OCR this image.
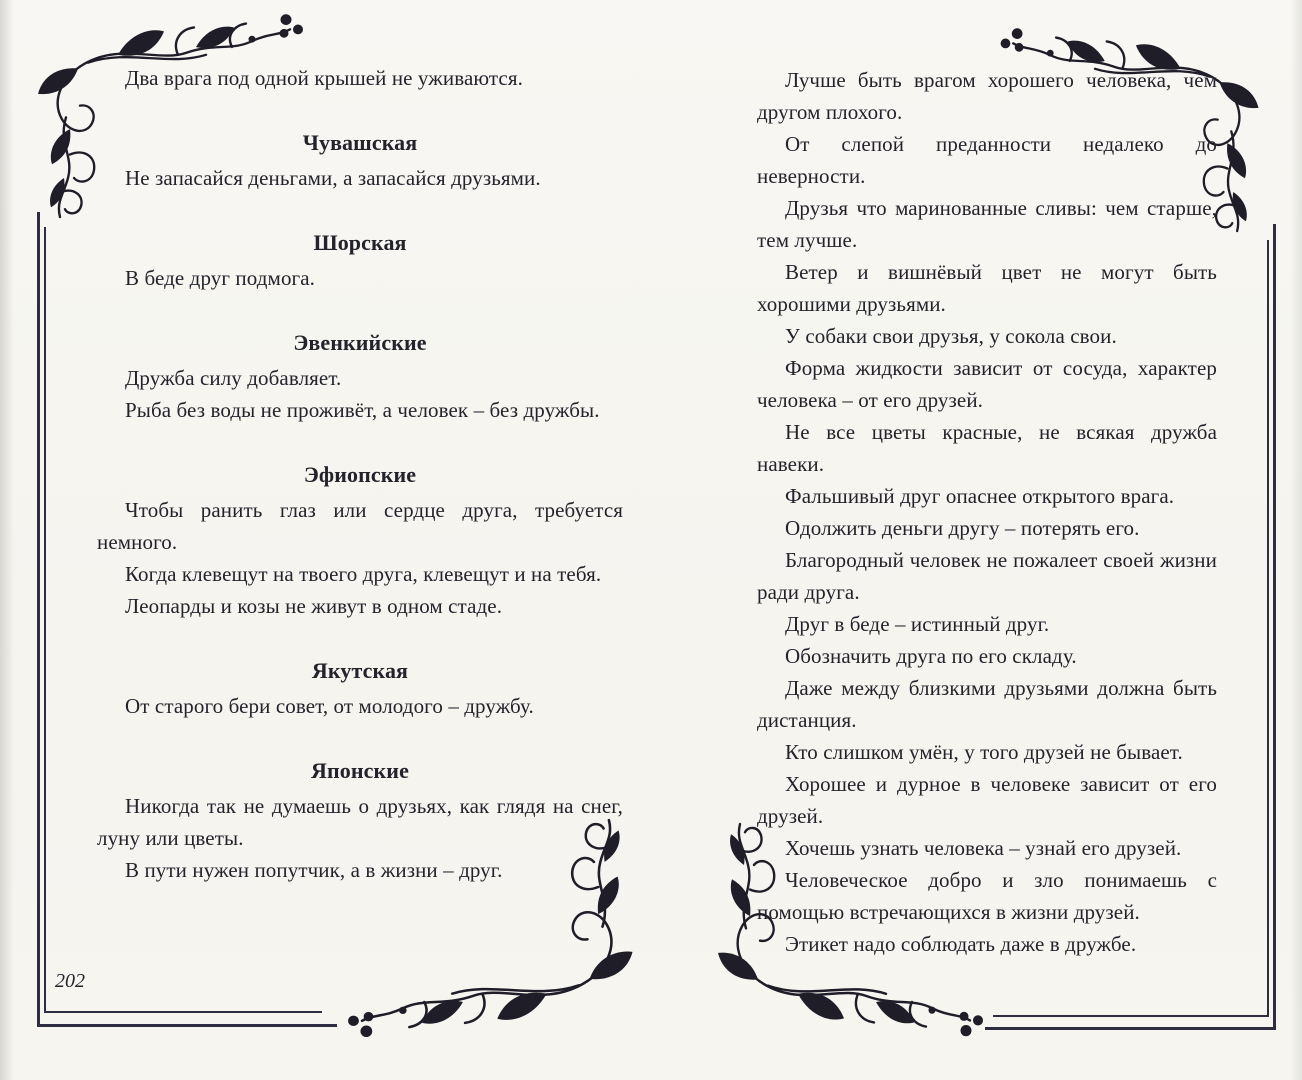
Два врага под одной крышей не уживаются.

Чувашская

Не запасайся деньгами, а запасайся друзьями.

Шорская

В беде друг подмога.

Эвенкийские

Дружба силу добавляет.

Рыба без воды не проживёт, а человек – без дружбы.

Эфиопские

Чтобы ранить глаз или сердце друга, требуется немного.

Когда клевещут на твоего друга, клевещут и на тебя.

Леопарды и козы не живут в одном стаде.

Якутская

От старого бери совет, от молодого – дружбу.

Японские

Никогда так не думаешь о друзьях, как глядя на снег, луну или цветы.

В пути нужен попутчик, а в жизни – друг.

Лучше быть врагом хорошего человека, чем другом плохого.

От слепой преданности недалеко до неверности.

Друзья что маринованные сливы: чем старше, тем лучше.

Ветер и вишнёвый цвет не могут быть хорошими друзьями.

У собаки свои друзья, у сокола свои.

Форма жидкости зависит от сосуда, характер человека – от его друзей.

Не все цветы красные, не всякая дружба навеки.

Фальшивый друг опаснее открытого врага.

Одолжить деньги другу – потерять его.

Благородный человек не пожалеет своей жизни ради друга.

Друг в беде – истинный друг.

Обозначить друга по его складу.

Даже между близкими друзьями должна быть дистанция.

Кто слишком умён, у того друзей не бывает.

Хорошее и дурное в человеке зависит от его друзей.

Хочешь узнать человека – узнай его друзей.

Человеческое добро и зло понимаешь с помощью встречающихся в жизни друзей.

Этикет надо соблюдать даже в дружбе.

202
